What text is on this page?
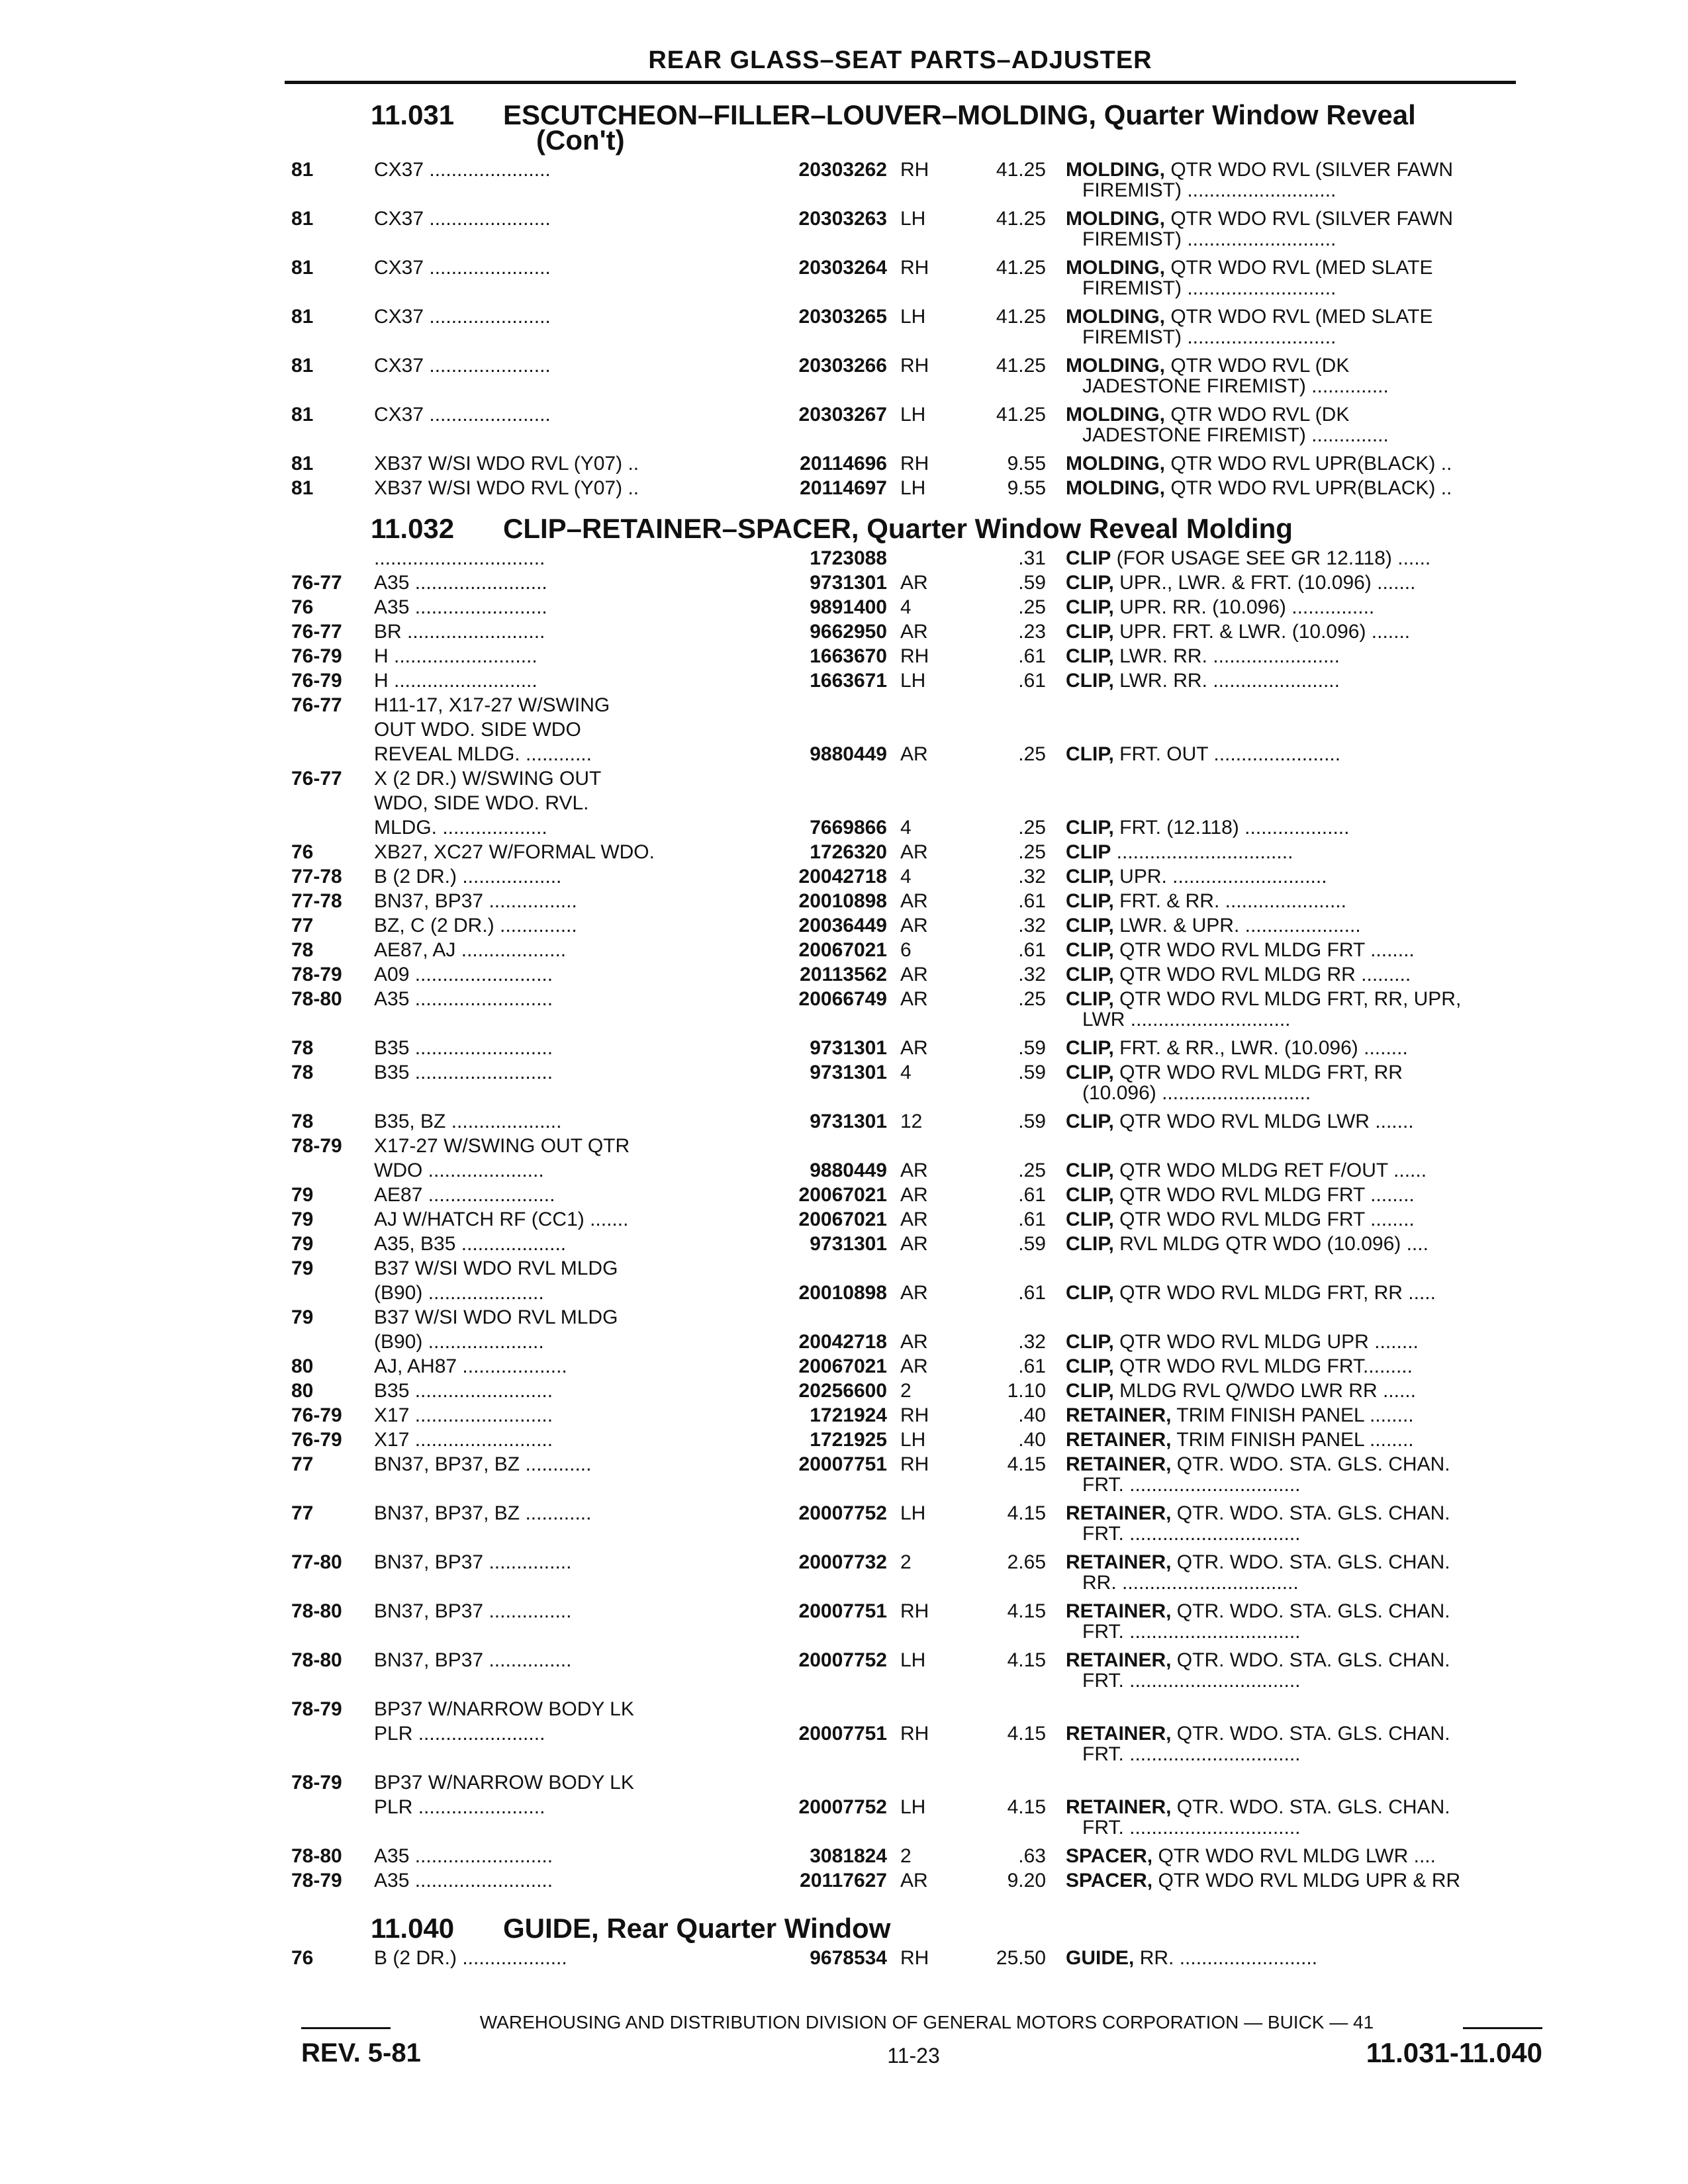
REAR GLASS–SEAT PARTS–ADJUSTER
11.031 ESCUTCHEON–FILLER–LOUVER–MOLDING, Quarter Window Reveal
(Con't)
81	CX37 ......................	20303262 RH	41.25 MOLDING, QTR WDO RVL (SILVER FAWN
FIREMIST) ...........................
81	CX37 ......................	20303263 LH	41.25 MOLDING, QTR WDO RVL (SILVER FAWN
FIREMIST) ...........................
81	CX37 ......................	20303264 RH	41.25 MOLDING, QTR WDO RVL (MED SLATE
FIREMIST) ...........................
81	CX37 ......................	20303265 LH	41.25 MOLDING, QTR WDO RVL (MED SLATE
FIREMIST) ...........................
81	CX37 ......................	20303266 RH	41.25 MOLDING, QTR WDO RVL (DK
JADESTONE FIREMIST) ..............
81	CX37 ......................	20303267 LH	41.25 MOLDING, QTR WDO RVL (DK
JADESTONE FIREMIST) ..............
81	XB37 W/SI WDO RVL (Y07) ..	20114696 RH	9.55 MOLDING, QTR WDO RVL UPR(BLACK) ..
81	XB37 W/SI WDO RVL (Y07) ..	20114697 LH	9.55 MOLDING, QTR WDO RVL UPR(BLACK) ..
11.032 CLIP–RETAINER–SPACER, Quarter Window Reveal Molding
...............................	1723088	.31 CLIP (FOR USAGE SEE GR 12.118) ......
76-77	A35 ........................	9731301 AR	.59 CLIP, UPR., LWR. & FRT. (10.096) .......
76	A35 ........................	9891400 4	.25 CLIP, UPR. RR. (10.096) ...............
76-77	BR .........................	9662950 AR	.23 CLIP, UPR. FRT. & LWR. (10.096) .......
76-79	H ..........................	1663670 RH	.61 CLIP, LWR. RR. .......................
76-79	H ..........................	1663671 LH	.61 CLIP, LWR. RR. .......................
76-77	H11-17, X17-27 W/SWING
OUT WDO. SIDE WDO
REVEAL MLDG. ............	9880449 AR	.25 CLIP, FRT. OUT .......................
76-77	X (2 DR.) W/SWING OUT
WDO, SIDE WDO. RVL.
MLDG. ...................	7669866 4	.25 CLIP, FRT. (12.118) ...................
76	XB27, XC27 W/FORMAL WDO.	1726320 AR	.25 CLIP ................................
77-78	B (2 DR.) ..................	20042718 4	.32 CLIP, UPR. ............................
77-78	BN37, BP37 ................	20010898 AR	.61 CLIP, FRT. & RR. ......................
77	BZ, C (2 DR.) ..............	20036449 AR	.32 CLIP, LWR. & UPR. .....................
78	AE87, AJ ...................	20067021 6	.61 CLIP, QTR WDO RVL MLDG FRT ........
78-79	A09 .........................	20113562 AR	.32 CLIP, QTR WDO RVL MLDG RR .........
78-80	A35 .........................	20066749 AR	.25 CLIP, QTR WDO RVL MLDG FRT, RR, UPR,
LWR .............................
78	B35 .........................	9731301 AR	.59 CLIP, FRT. & RR., LWR. (10.096) ........
78	B35 .........................	9731301 4	.59 CLIP, QTR WDO RVL MLDG FRT, RR
(10.096) ...........................
78	B35, BZ ....................	9731301 12	.59 CLIP, QTR WDO RVL MLDG LWR .......
78-79	X17-27 W/SWING OUT QTR
WDO .....................	9880449 AR	.25 CLIP, QTR WDO MLDG RET F/OUT ......
79	AE87 .......................	20067021 AR	.61 CLIP, QTR WDO RVL MLDG FRT ........
79	AJ W/HATCH RF (CC1) .......	20067021 AR	.61 CLIP, QTR WDO RVL MLDG FRT ........
79	A35, B35 ...................	9731301 AR	.59 CLIP, RVL MLDG QTR WDO (10.096) ....
79	B37 W/SI WDO RVL MLDG
(B90) .....................	20010898 AR	.61 CLIP, QTR WDO RVL MLDG FRT, RR .....
79	B37 W/SI WDO RVL MLDG
(B90) .....................	20042718 AR	.32 CLIP, QTR WDO RVL MLDG UPR ........
80	AJ, AH87 ...................	20067021 AR	.61 CLIP, QTR WDO RVL MLDG FRT.........
80	B35 .........................	20256600 2	1.10 CLIP, MLDG RVL Q/WDO LWR RR ......
76-79	X17 .........................	1721924 RH	.40 RETAINER, TRIM FINISH PANEL ........
76-79	X17 .........................	1721925 LH	.40 RETAINER, TRIM FINISH PANEL ........
77	BN37, BP37, BZ ............	20007751 RH	4.15 RETAINER, QTR. WDO. STA. GLS. CHAN.
FRT. ...............................
77	BN37, BP37, BZ ............	20007752 LH	4.15 RETAINER, QTR. WDO. STA. GLS. CHAN.
FRT. ...............................
77-80	BN37, BP37 ...............	20007732 2	2.65 RETAINER, QTR. WDO. STA. GLS. CHAN.
RR. ................................
78-80	BN37, BP37 ...............	20007751 RH	4.15 RETAINER, QTR. WDO. STA. GLS. CHAN.
FRT. ...............................
78-80	BN37, BP37 ...............	20007752 LH	4.15 RETAINER, QTR. WDO. STA. GLS. CHAN.
FRT. ...............................
78-79	BP37 W/NARROW BODY LK
PLR .......................	20007751 RH	4.15 RETAINER, QTR. WDO. STA. GLS. CHAN.
FRT. ...............................
78-79	BP37 W/NARROW BODY LK
PLR .......................	20007752 LH	4.15 RETAINER, QTR. WDO. STA. GLS. CHAN.
FRT. ...............................
78-80	A35 .........................	3081824 2	.63 SPACER, QTR WDO RVL MLDG LWR ....
78-79	A35 .........................	20117627 AR	9.20 SPACER, QTR WDO RVL MLDG UPR & RR
11.040 GUIDE, Rear Quarter Window
76	B (2 DR.) ...................	9678534 RH	25.50 GUIDE, RR. .........................
WAREHOUSING AND DISTRIBUTION DIVISION OF GENERAL MOTORS CORPORATION — BUICK — 41
REV. 5-81	11-23	11.031-11.040
